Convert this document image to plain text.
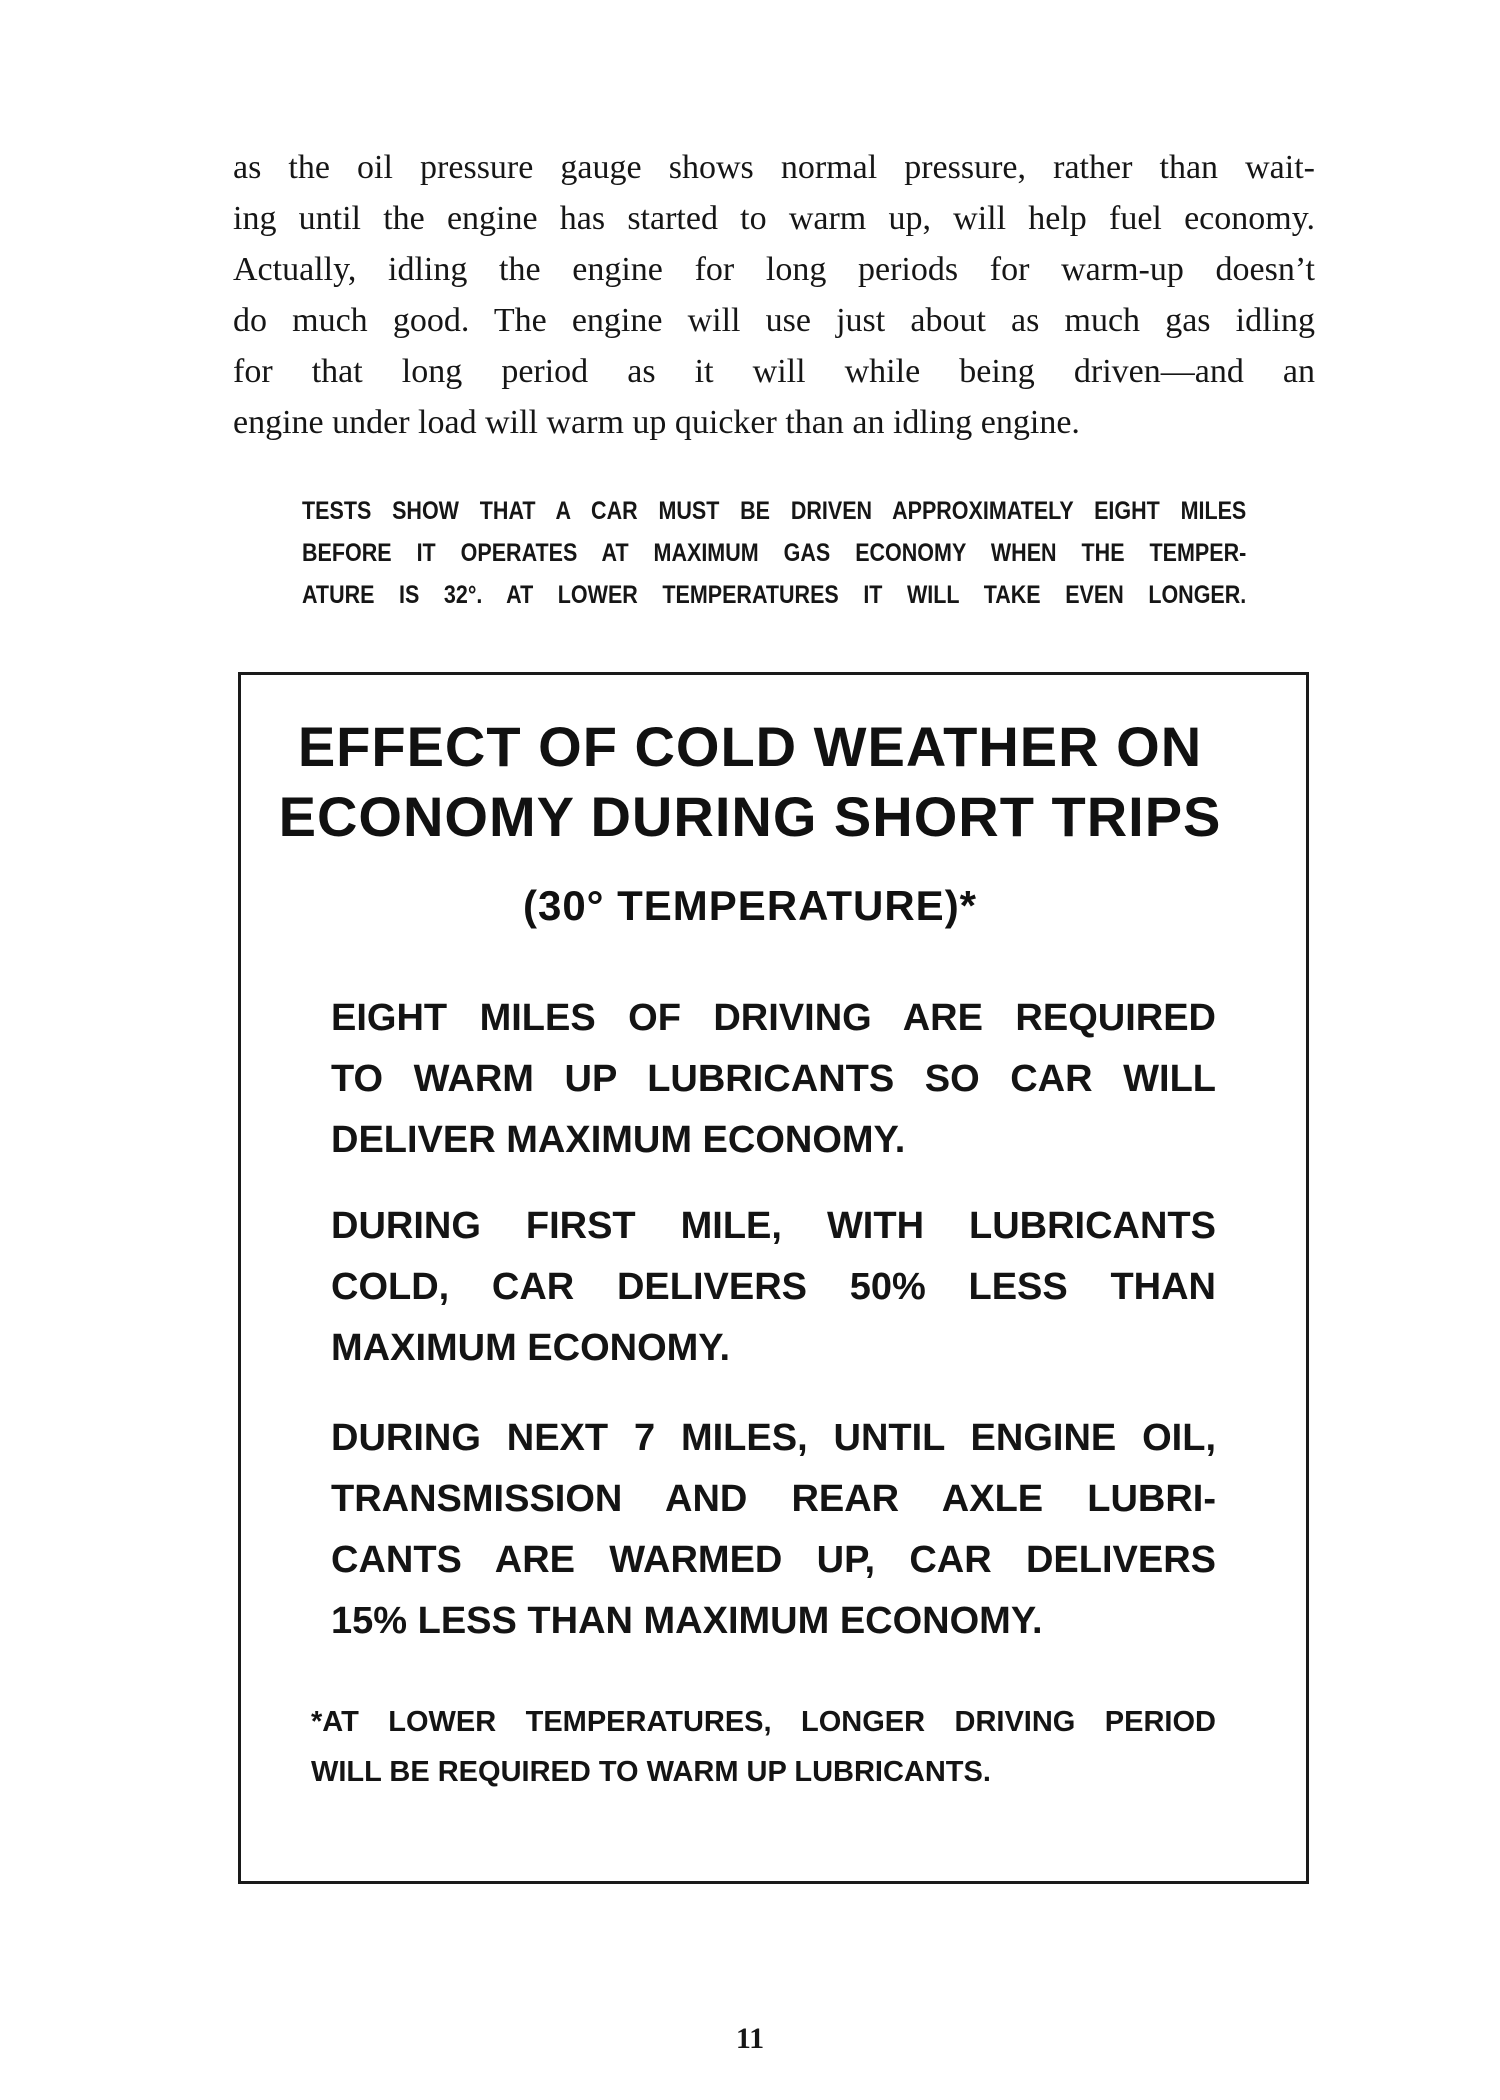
as the oil pressure gauge shows normal pressure, rather than wait-
ing until the engine has started to warm up, will help fuel economy.
Actually, idling the engine for long periods for warm-up doesn’t
do much good. The engine will use just about as much gas idling
for that long period as it will while being driven—and an
engine under load will warm up quicker than an idling engine.
TESTS SHOW THAT A CAR MUST BE DRIVEN APPROXIMATELY EIGHT MILES
BEFORE IT OPERATES AT MAXIMUM GAS ECONOMY WHEN THE TEMPER-
ATURE IS 32°. AT LOWER TEMPERATURES IT WILL TAKE EVEN LONGER.
EFFECT OF COLD WEATHER ON
ECONOMY DURING SHORT TRIPS
(30° TEMPERATURE)*
EIGHT MILES OF DRIVING ARE REQUIRED
TO WARM UP LUBRICANTS SO CAR WILL
DELIVER MAXIMUM ECONOMY.
DURING FIRST MILE, WITH LUBRICANTS
COLD, CAR DELIVERS 50% LESS THAN
MAXIMUM ECONOMY.
DURING NEXT 7 MILES, UNTIL ENGINE OIL,
TRANSMISSION AND REAR AXLE LUBRI-
CANTS ARE WARMED UP, CAR DELIVERS
15% LESS THAN MAXIMUM ECONOMY.
*AT LOWER TEMPERATURES, LONGER DRIVING PERIOD
WILL BE REQUIRED TO WARM UP LUBRICANTS.
11
